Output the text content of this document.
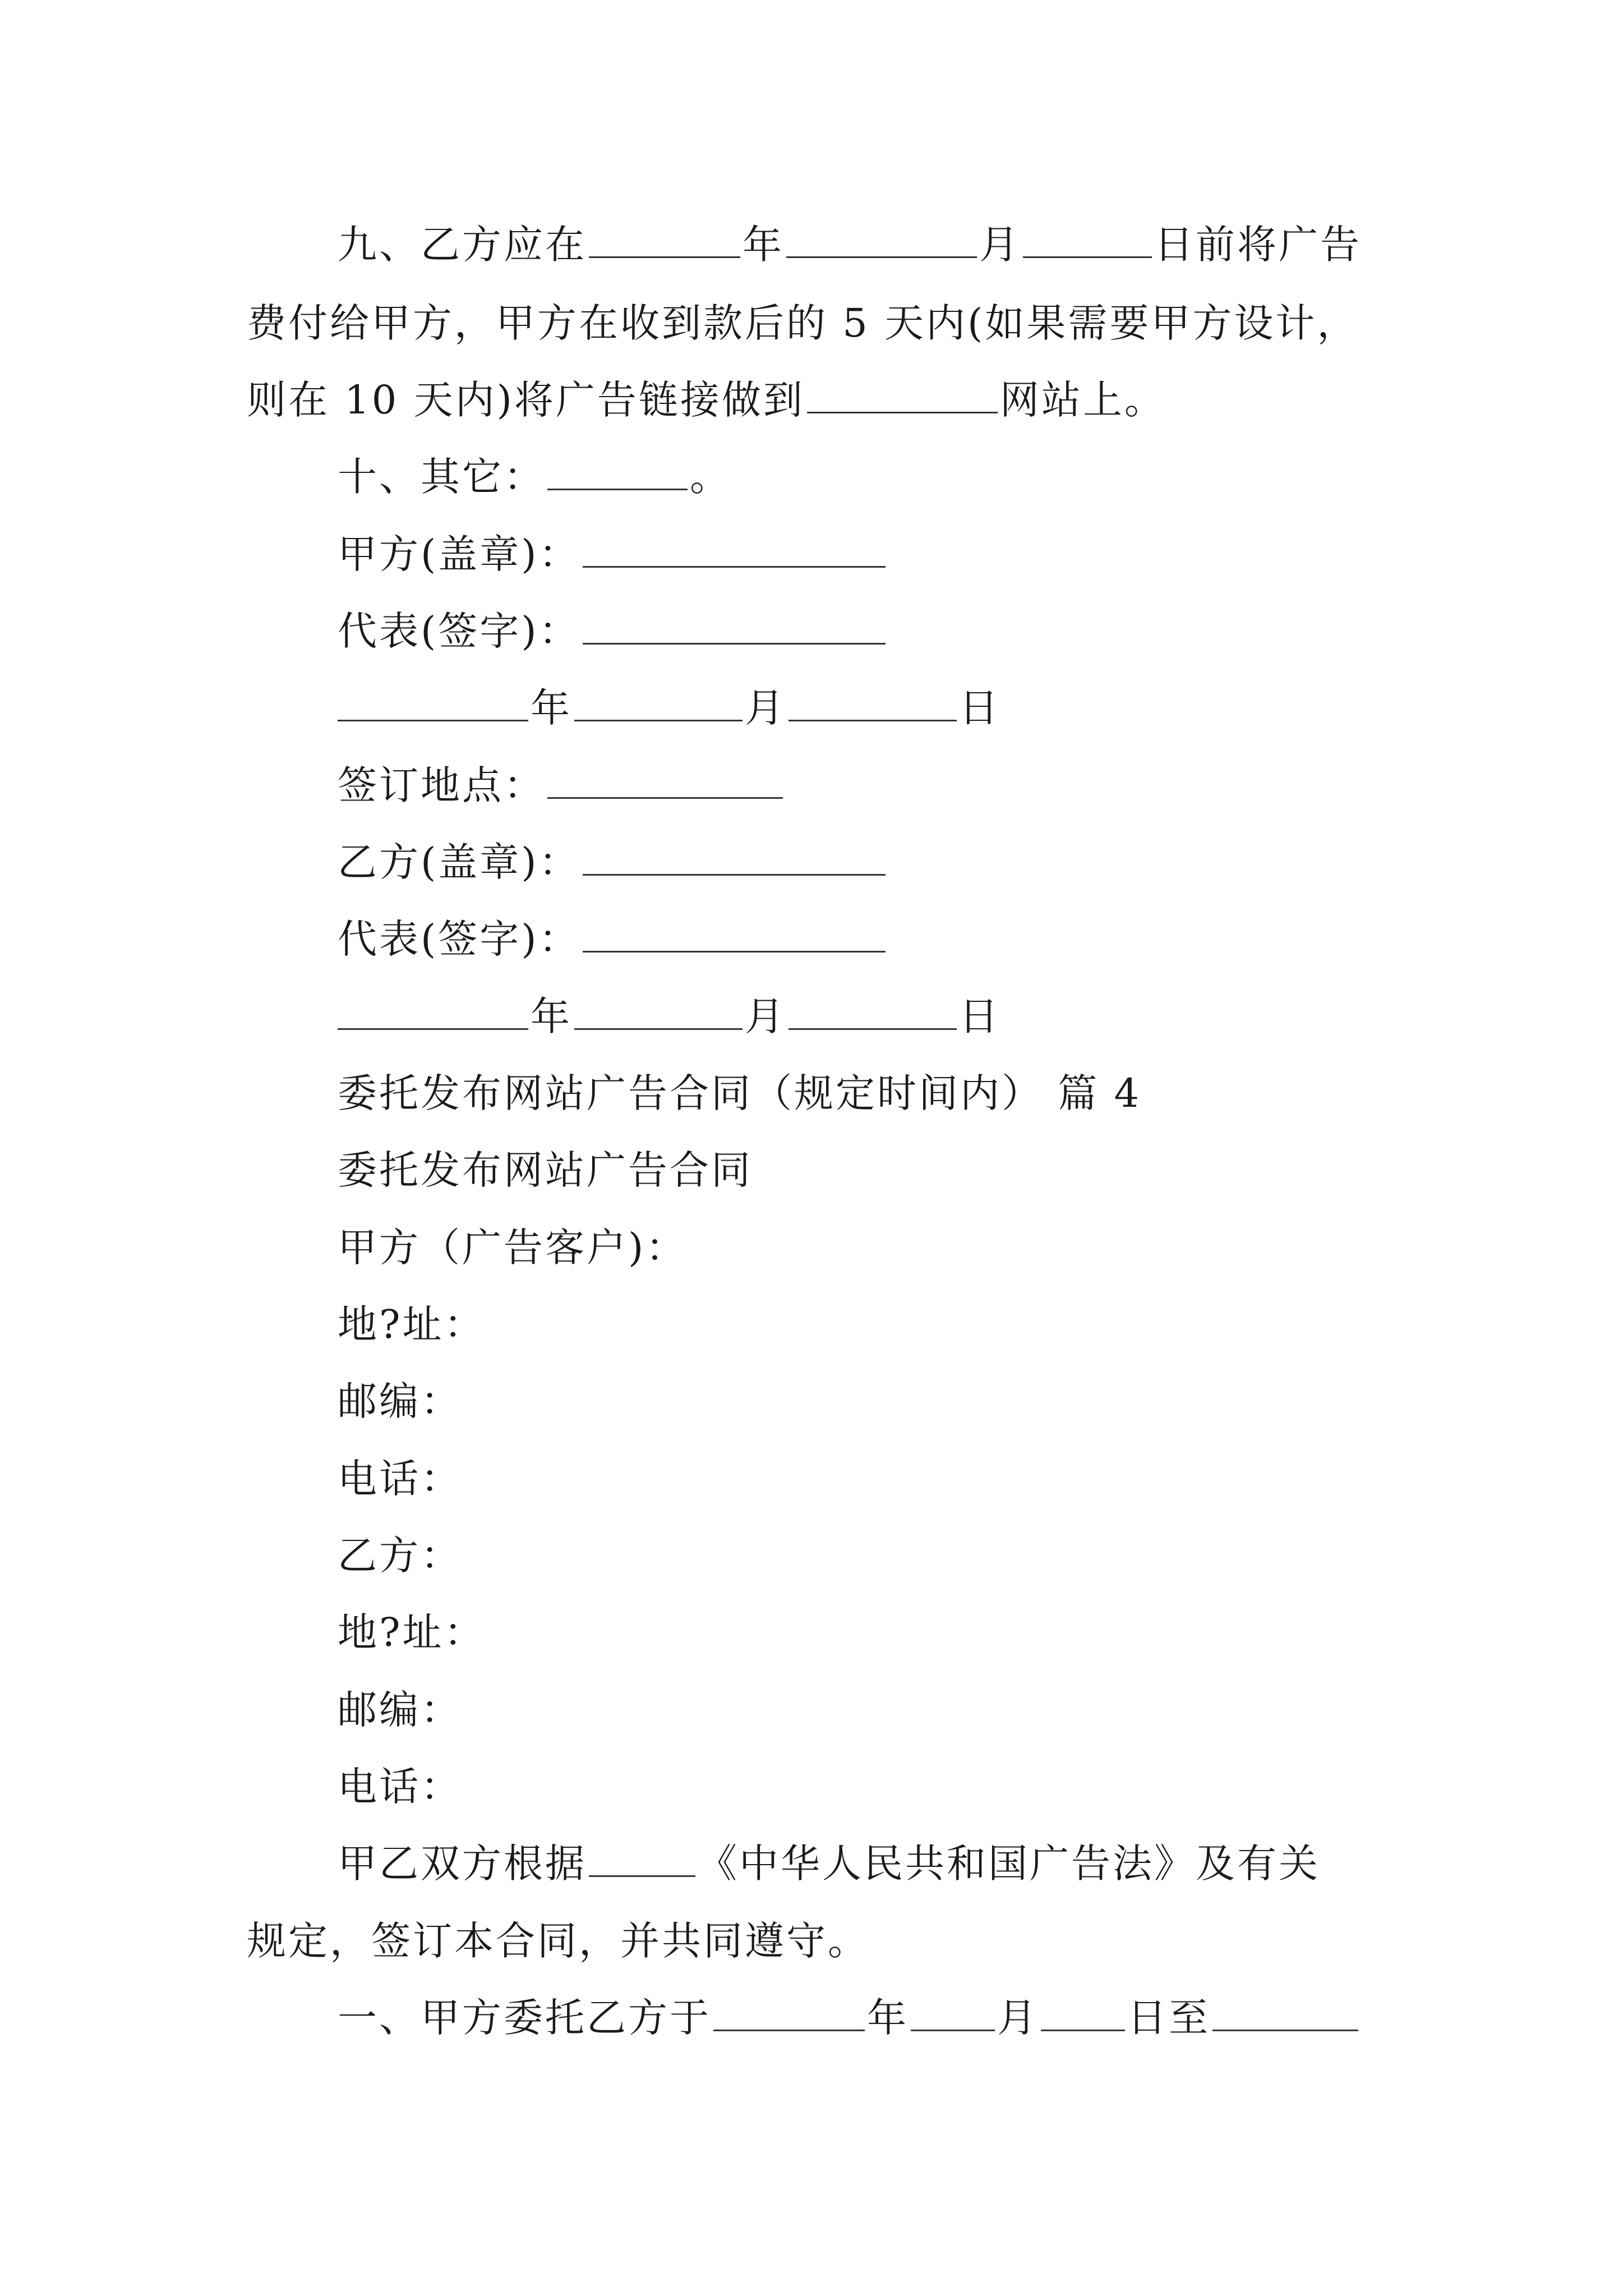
九、乙方应在	年	月	日前将广告
费付给甲方，甲方在收到款后的 5 天内(如果需要甲方设计，
则在 10 天内)将广告链接做到	网站上。
十、其它：	。
甲方(盖章)：
代表(签字)：
年	月	日
签订地点：
乙方(盖章)：
代表(签字)：
年	月	日
委托发布网站广告合同（规定时间内） 篇 4
委托发布网站广告合同
甲方（广告客户)：
地?址：
邮编：
电话：
乙方：
地?址：
邮编：
电话：
甲乙双方根据	《中华人民共和国广告法》及有关
规定，签订本合同，并共同遵守。
一、甲方委托乙方于	年 月 日至
